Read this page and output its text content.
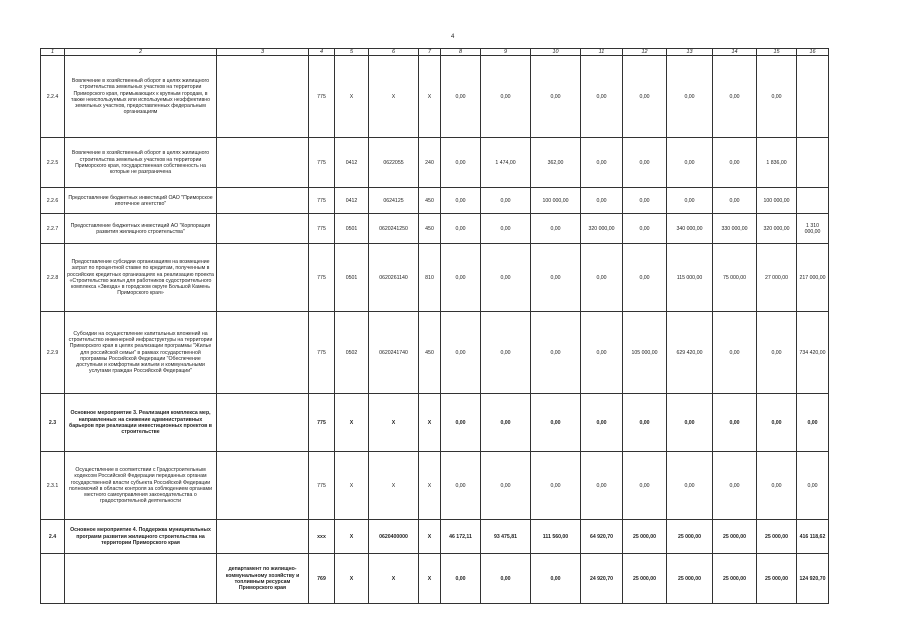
4
1	2	3	4	5	6	7	8	9	10	11	12	13	14	15	16
2.2.4	Вовлечение в хозяйственный оборот в целях жилищного строительства земельных участков на территории Приморского края, примыкающих к крупным городам, в также неиспользуемых или используемых неэффективно земельных участков, предоставленных федеральным организациям		775	X	X	X	0,00	0,00	0,00	0,00	0,00	0,00	0,00	0,00	
2.2.5	Вовлечение в хозяйственный оборот в целях жилищного строительства земельных участков на территории Приморского края, государственная собственность на которые не разграничена		775	0412	0622055	240	0,00	1 474,00	362,00	0,00	0,00	0,00	0,00	1 836,00	
2.2.6	Предоставление бюджетных инвестиций ОАО "Приморское ипотечное агентство"		775	0412	0624125	450	0,00	0,00	100 000,00	0,00	0,00	0,00	0,00	100 000,00	
2.2.7	Предоставление бюджетных инвестиций АО "Корпорация развития жилищного строительства"		775	0501	0620241250	450	0,00	0,00	0,00	320 000,00	0,00	340 000,00	330 000,00	320 000,00	1 310 000,00
2.2.8	Предоставление субсидии организациям на возмещение затрат по процентной ставке по кредитам, полученным в российских кредитных организациях на реализацию проекта «Строительство жилья для работников судостроительного комплекса «Звезда» в городском округе Большой Камень Приморского края»		775	0501	0620261140	810	0,00	0,00	0,00	0,00	0,00	115 000,00	75 000,00	27 000,00	217 000,00
2.2.9	Субсидии на осуществление капитальных вложений на строительство инженерной инфраструктуры на территории Приморского края в целях реализации программы "Жилье для российской семьи" в рамках государственной программы Российской Федерации "Обеспечение доступным и комфортным жильем и коммунальными услугами граждан Российской Федерации"		775	0502	0620241740	450	0,00	0,00	0,00	0,00	105 000,00	629 420,00	0,00	0,00	734 420,00
2.3	Основное мероприятие 3. Реализация комплекса мер, направленных на снижение административных барьеров при реализации инвестиционных проектов в строительстве		775	X	X	X	0,00	0,00	0,00	0,00	0,00	0,00	0,00	0,00	0,00
2.3.1	Осуществление в соответствии с Градостроительным кодексом Российской Федерации переданных органам государственной власти субъекта Российской Федерации полномочий в области контроля за соблюдением органами местного самоуправления законодательства о градостроительной деятельности		775	X	X	X	0,00	0,00	0,00	0,00	0,00	0,00	0,00	0,00	0,00
2.4	Основное мероприятие 4. Поддержка муниципальных программ развития жилищного строительства на территории Приморского края		xxx	X	0620400000	X	46 172,11	93 475,81	111 560,00	64 920,70	25 000,00	25 000,00	25 000,00	25 000,00	416 118,62
		департамент по жилищно-коммунальному хозяйству и топливным ресурсам Приморского края	769	X	X	X	0,00	0,00	0,00	24 920,70	25 000,00	25 000,00	25 000,00	25 000,00	124 920,70
